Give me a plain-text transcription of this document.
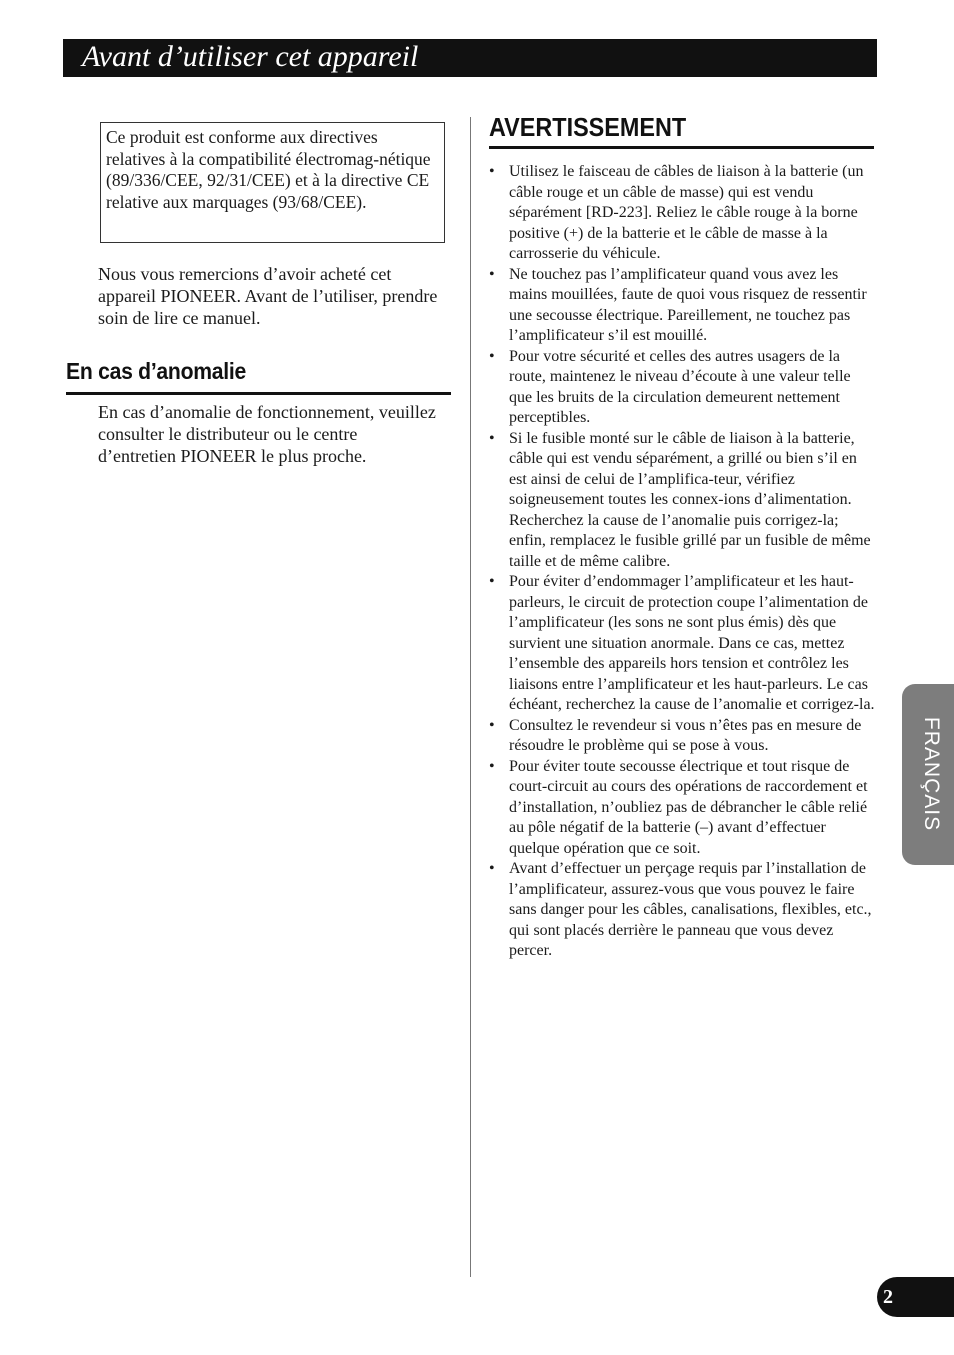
Avant d’utiliser cet appareil

Ce produit est conforme aux directives relatives à la compatibilité électromag-nétique (89/336/CEE, 92/31/CEE) et à la directive CE relative aux marquages (93/68/CEE).

Nous vous remercions d’avoir acheté cet appareil PIONEER. Avant de l’utiliser, prendre soin de lire ce manuel.

En cas d’anomalie

En cas d’anomalie de fonctionnement, veuillez consulter le distributeur ou le centre d’entretien PIONEER le plus proche.

AVERTISSEMENT
• Utilisez le faisceau de câbles de liaison à la batterie (un câble rouge et un câble de masse) qui est vendu séparément [RD-223]. Reliez le câble rouge à la borne positive (+) de la batterie et le câble de masse à la carrosserie du véhicule.
• Ne touchez pas l’amplificateur quand vous avez les mains mouillées, faute de quoi vous risquez de ressentir une secousse électrique. Pareillement, ne touchez pas l’amplificateur s’il est mouillé.
• Pour votre sécurité et celles des autres usagers de la route, maintenez le niveau d’écoute à une valeur telle que les bruits de la circulation demeurent nettement perceptibles.
• Si le fusible monté sur le câble de liaison à la batterie, câble qui est vendu séparément, a grillé ou bien s’il en est ainsi de celui de l’amplifica-teur, vérifiez soigneusement toutes les connex-ions d’alimentation. Recherchez la cause de l’anomalie puis corrigez-la; enfin, remplacez le fusible grillé par un fusible de même taille et de même calibre.
• Pour éviter d’endommager l’amplificateur et les haut-parleurs, le circuit de protection coupe l’alimentation de l’amplificateur (les sons ne sont plus émis) dès que survient une situation anormale. Dans ce cas, mettez l’ensemble des appareils hors tension et contrôlez les liaisons entre l’amplificateur et les haut-parleurs. Le cas échéant, recherchez la cause de l’anomalie et corrigez-la.
• Consultez le revendeur si vous n’êtes pas en mesure de résoudre le problème qui se pose à vous.
• Pour éviter toute secousse électrique et tout risque de court-circuit au cours des opérations de raccordement et d’installation, n’oubliez pas de débrancher le câble relié au pôle négatif de la batterie (–) avant d’effectuer quelque opération que ce soit.
• Avant d’effectuer un perçage requis par l’installation de l’amplificateur, assurez-vous que vous pouvez le faire sans danger pour les câbles, canalisations, flexibles, etc., qui sont placés derrière le panneau que vous devez percer.
FRANÇAIS
2
